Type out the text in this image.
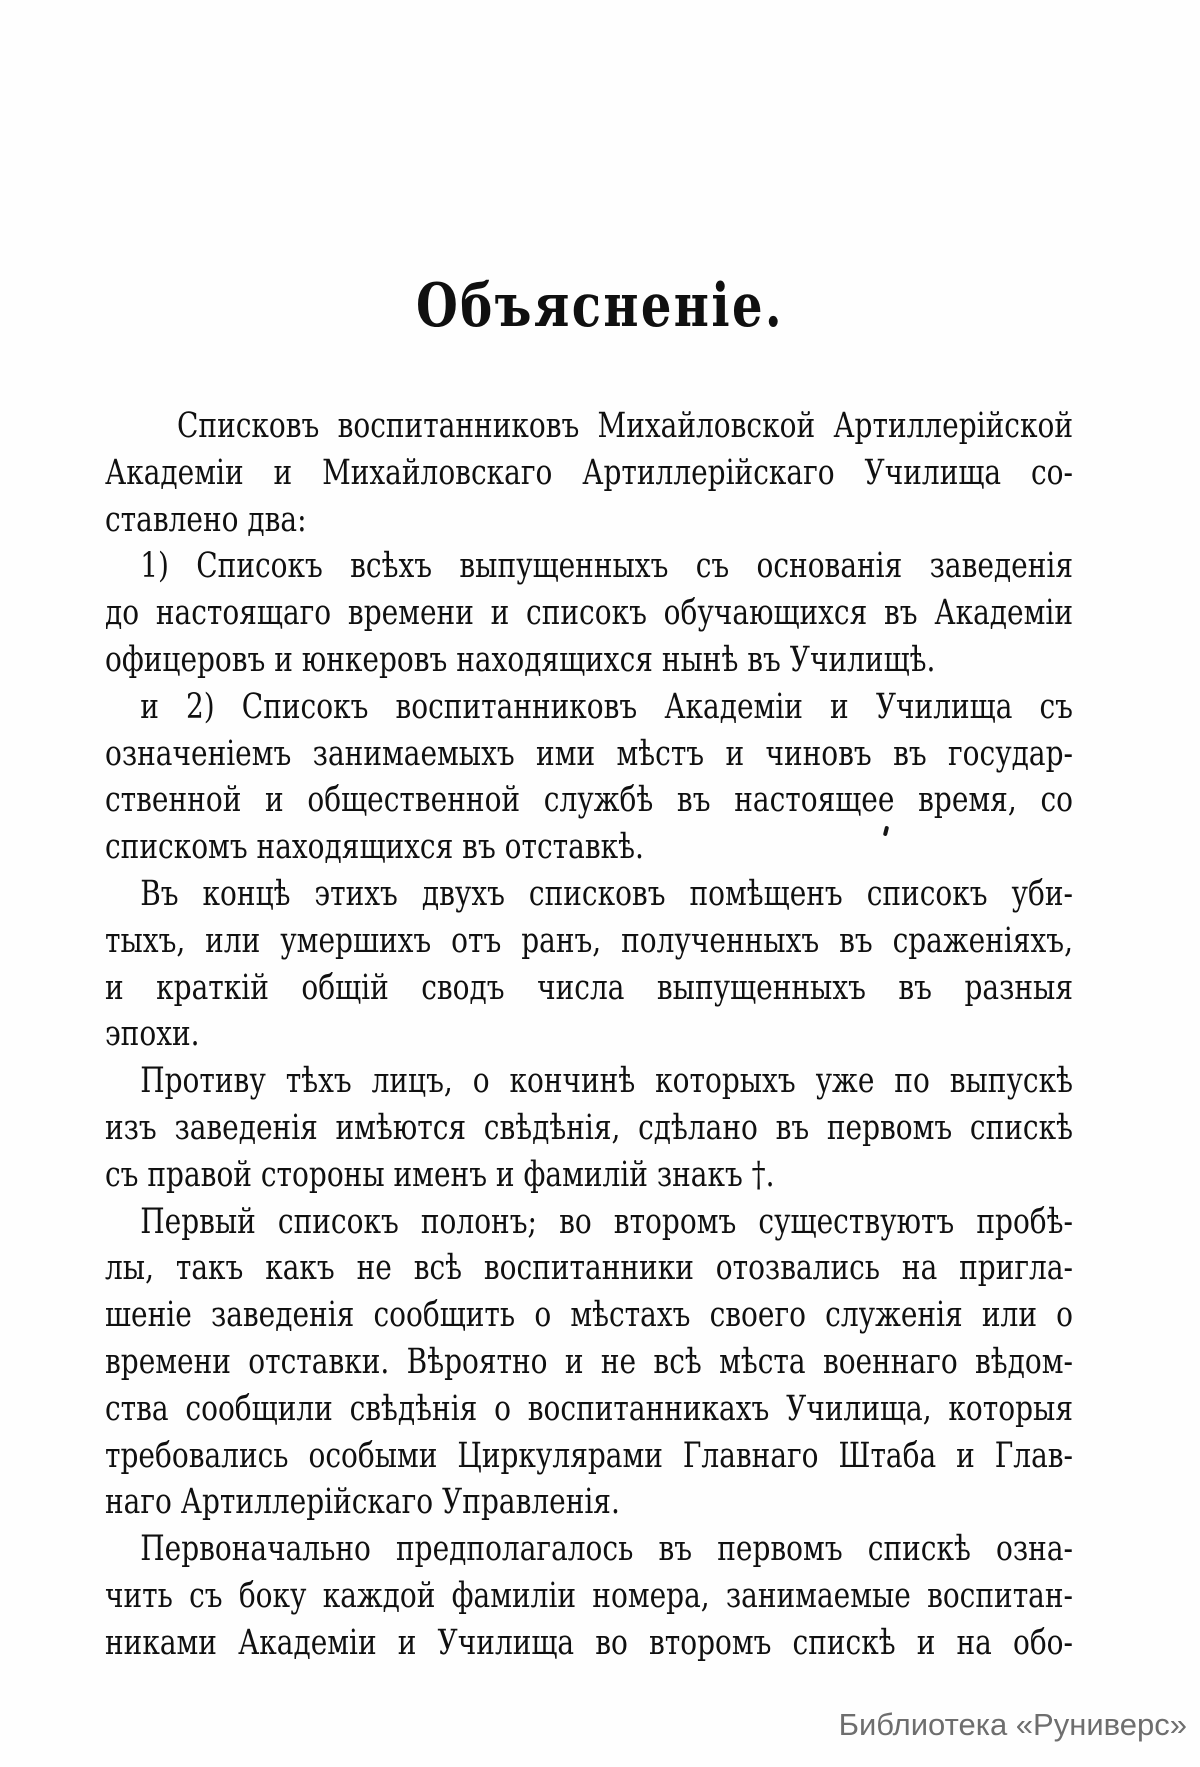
Объясненіе.
Списковъ воспитанниковъ Михайловской Артиллерійской
Академіи и Михайловскаго Артиллерійскаго Училища со-
ставлено два:
1) Списокъ всѣхъ выпущенныхъ съ основанія заведенія
до настоящаго времени и списокъ обучающихся въ Академіи
офицеровъ и юнкеровъ находящихся нынѣ въ Училищѣ.
и 2) Списокъ воспитанниковъ Академіи и Училища съ
означеніемъ занимаемыхъ ими мѣстъ и чиновъ въ государ-
ственной и общественной службѣ въ настоящее время, со
спискомъ находящихся въ отставкѣ.
Въ концѣ этихъ двухъ списковъ помѣщенъ списокъ уби-
тыхъ, или умершихъ отъ ранъ, полученныхъ въ сраженіяхъ,
и краткій общій сводъ числа выпущенныхъ въ разныя
эпохи.
Противу тѣхъ лицъ, о кончинѣ которыхъ уже по выпускѣ
изъ заведенія имѣются свѣдѣнія, сдѣлано въ первомъ спискѣ
съ правой стороны именъ и фамилій знакъ †.
Первый списокъ полонъ; во второмъ существуютъ пробѣ-
лы, такъ какъ не всѣ воспитанники отозвались на пригла-
шеніе заведенія сообщить о мѣстахъ своего служенія или о
времени отставки. Вѣроятно и не всѣ мѣста военнаго вѣдом-
ства сообщили свѣдѣнія о воспитанникахъ Училища, которыя
требовались особыми Циркулярами Главнаго Штаба и Глав-
наго Артиллерійскаго Управленія.
Первоначально предполагалось въ первомъ спискѣ озна-
чить съ боку каждой фамиліи номера, занимаемые воспитан-
никами Академіи и Училища во второмъ спискѣ и на обо-
Библиотека «Руниверс»
